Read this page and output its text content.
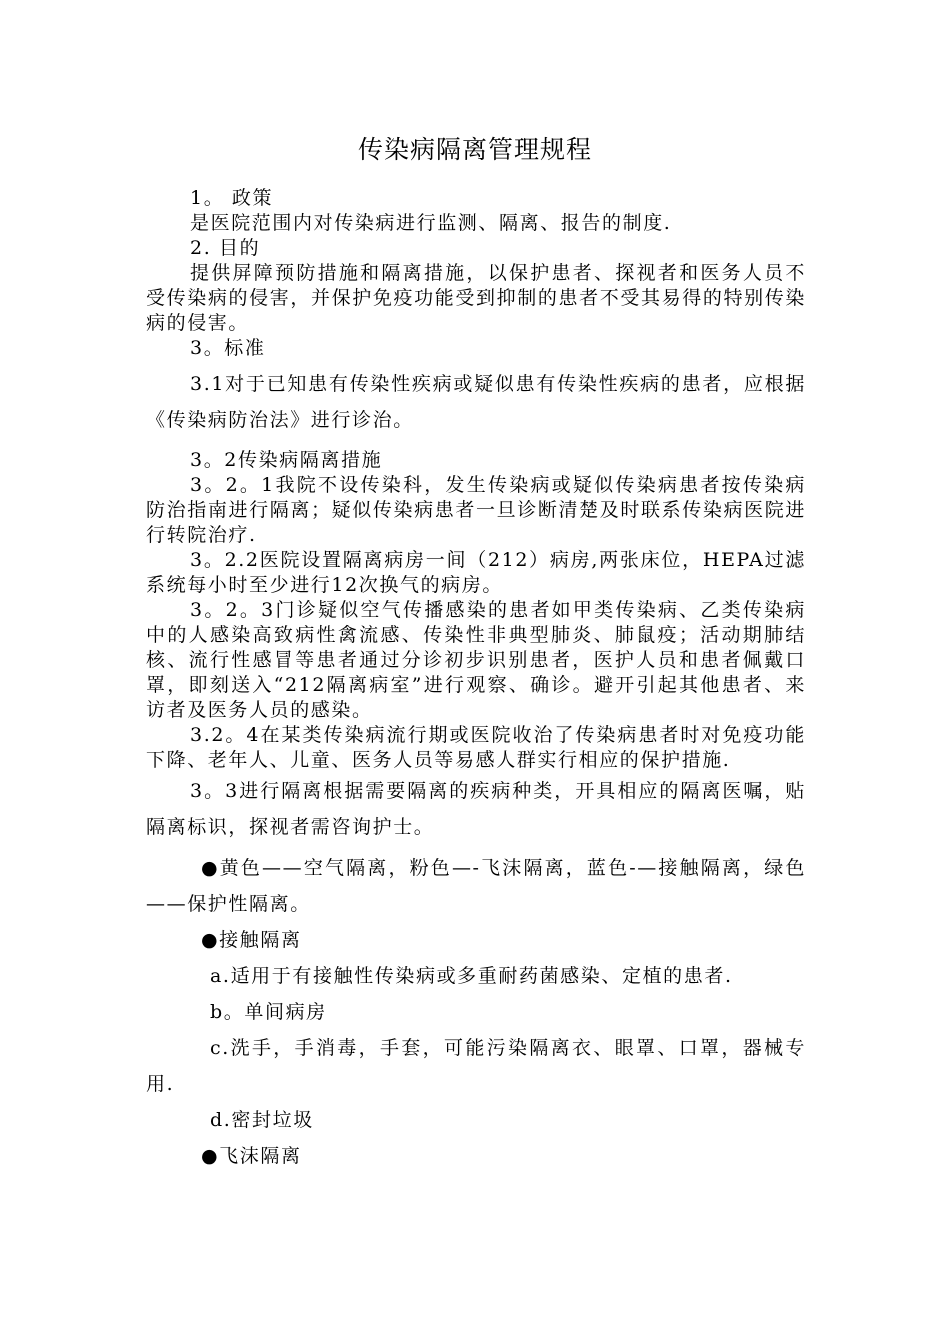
传染病隔离管理规程

1。 政策

是医院范围内对传染病进行监测、隔离、报告的制度.

2. 目的

提供屏障预防措施和隔离措施，以保护患者、探视者和医务人员不受传染病的侵害，并保护免疫功能受到抑制的患者不受其易得的特别传染病的侵害。

3。标准

3.1对于已知患有传染性疾病或疑似患有传染性疾病的患者，应根据《传染病防治法》进行诊治。

3。2传染病隔离措施

3。2。1我院不设传染科，发生传染病或疑似传染病患者按传染病防治指南进行隔离；疑似传染病患者一旦诊断清楚及时联系传染病医院进行转院治疗.

3。2.2医院设置隔离病房一间（212）病房,两张床位，HEPA过滤系统每小时至少进行12次换气的病房。

3。2。3门诊疑似空气传播感染的患者如甲类传染病、乙类传染病中的人感染高致病性禽流感、传染性非典型肺炎、肺鼠疫；活动期肺结核、流行性感冒等患者通过分诊初步识别患者，医护人员和患者佩戴口罩，即刻送入“212隔离病室”进行观察、确诊。避开引起其他患者、来访者及医务人员的感染。

3.2。4在某类传染病流行期或医院收治了传染病患者时对免疫功能下降、老年人、儿童、医务人员等易感人群实行相应的保护措施.

3。3进行隔离根据需要隔离的疾病种类，开具相应的隔离医嘱，贴隔离标识，探视者需咨询护士。

●黄色——空气隔离，粉色—-飞沫隔离，蓝色-—接触隔离，绿色——保护性隔离。

●接触隔离

a.适用于有接触性传染病或多重耐药菌感染、定植的患者.

b。单间病房

c.洗手，手消毒，手套，可能污染隔离衣、眼罩、口罩，器械专用.

d.密封垃圾

●飞沫隔离
